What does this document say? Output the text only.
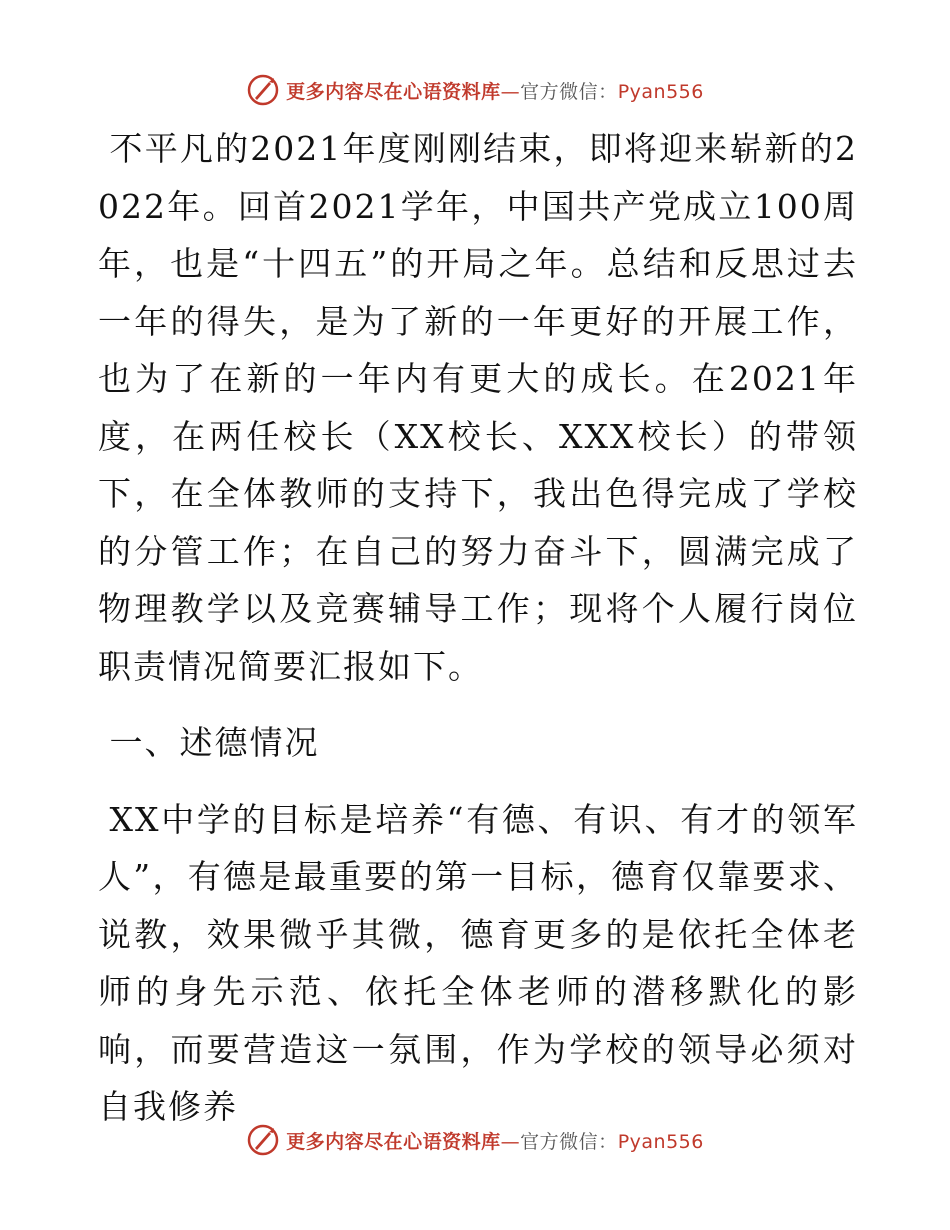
更多内容尽在心语资料库—官方微信：Pyan556

不平凡的2021年度刚刚结束，即将迎来崭新的2022年。回首2021学年，中国共产党成立100周年，也是“十四五”的开局之年。总结和反思过去一年的得失，是为了新的一年更好的开展工作，也为了在新的一年内有更大的成长。在2021年度，在两任校长（XX校长、XXX校长）的带领下，在全体教师的支持下，我出色得完成了学校的分管工作；在自己的努力奋斗下，圆满完成了物理教学以及竞赛辅导工作；现将个人履行岗位职责情况简要汇报如下。

一、述德情况

XX中学的目标是培养“有德、有识、有才的领军人”，有德是最重要的第一目标，德育仅靠要求、说教，效果微乎其微，德育更多的是依托全体老师的身先示范、依托全体老师的潜移默化的影响，而要营造这一氛围，作为学校的领导必须对自我修养

更多内容尽在心语资料库—官方微信：Pyan556
